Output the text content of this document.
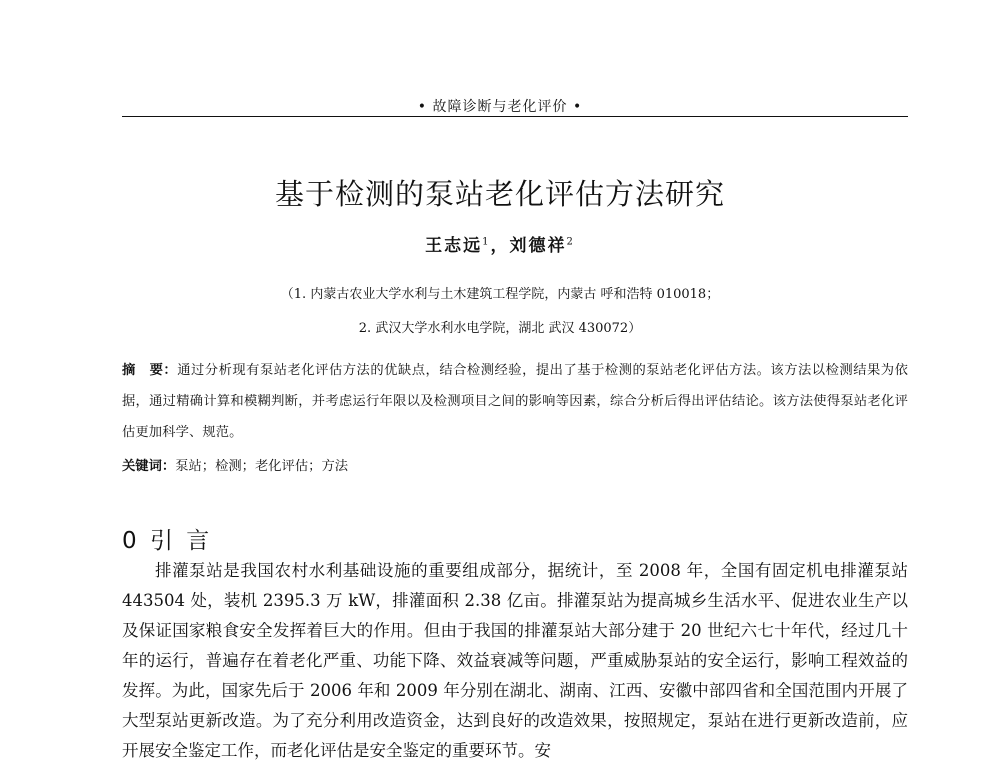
• 故障诊断与老化评价 •
基于检测的泵站老化评估方法研究
王志远$^1$，刘德祥$^2$
（1. 内蒙古农业大学水利与土木建筑工程学院，内蒙古 呼和浩特 010018；
2. 武汉大学水利水电学院，湖北 武汉 430072）
摘　要：通过分析现有泵站老化评估方法的优缺点，结合检测经验，提出了基于检测的泵站老化评估方法。该方法以检测结果为依据，通过精确计算和模糊判断，并考虑运行年限以及检测项目之间的影响等因素，综合分析后得出评估结论。该方法使得泵站老化评估更加科学、规范。
关键词：泵站；检测；老化评估；方法
0 引 言
排灌泵站是我国农村水利基础设施的重要组成部分，据统计，至 2008 年，全国有固定机电排灌泵站 443504 处，装机 2395.3 万 kW，排灌面积 2.38 亿亩。排灌泵站为提高城乡生活水平、促进农业生产以及保证国家粮食安全发挥着巨大的作用。但由于我国的排灌泵站大部分建于 20 世纪六七十年代，经过几十年的运行，普遍存在着老化严重、功能下降、效益衰减等问题，严重威胁泵站的安全运行，影响工程效益的发挥。为此，国家先后于 2006 年和 2009 年分别在湖北、湖南、江西、安徽中部四省和全国范围内开展了大型泵站更新改造。为了充分利用改造资金，达到良好的改造效果，按照规定，泵站在进行更新改造前，应开展安全鉴定工作，而老化评估是安全鉴定的重要环节。安
